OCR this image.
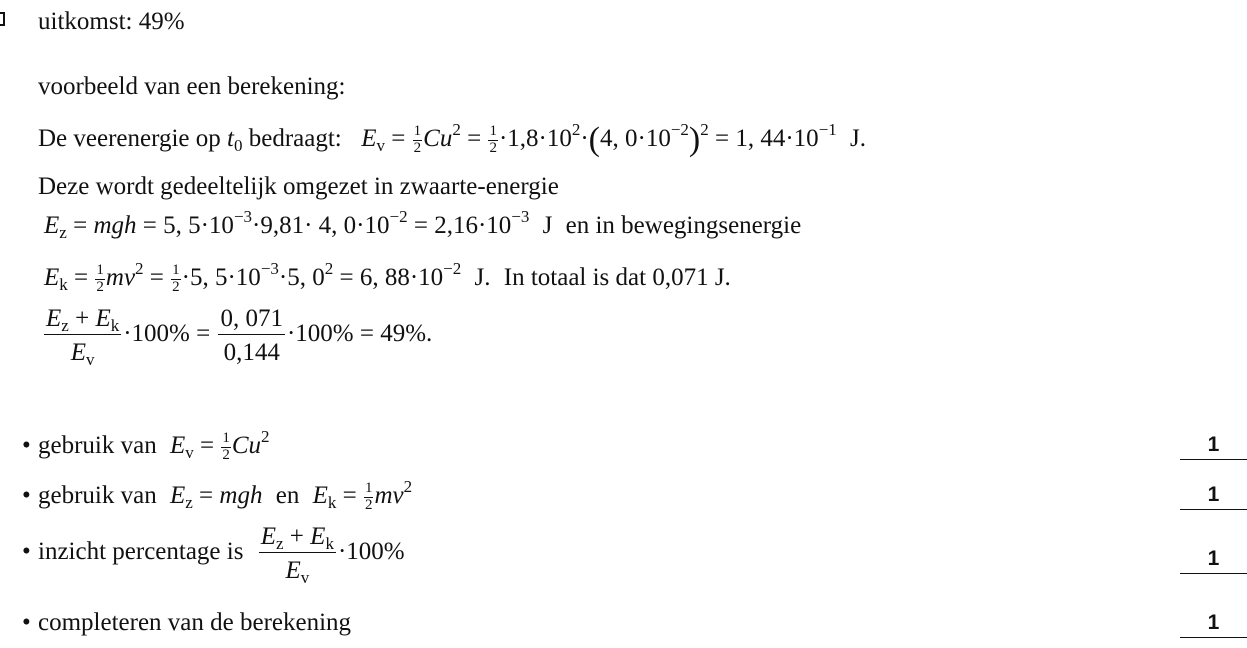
uitkomst: 49%
voorbeeld van een berekening:
De veerenergie op $t_0$ bedraagt: $E_v = \frac{1}{2} Cu^2 = \frac{1}{2} \cdot 1,8\cdot 10^2\cdot(4$, $0\cdot 10^{-2})^2 = 1$, $44\cdot 10^{-1}$ J.
Deze wordt gedeeltelijk omgezet in zwaarte-energie
$E_z$ = mgh = 5, $5\cdot 10^{-3}\cdot 9,81\cdot 4$, $0\cdot 10^{-2} = 2,16\cdot 10^{-3}$ J en in bewegingsenergie
$E_k = \frac{1}{2} mv^2 = \frac{1}{2} \cdot 5$, $5\cdot 10^{-3}\cdot 5$, $0^2 = 6$, $88\cdot 10^{-2}$ J. In totaal is dat 0,071 J.
$\frac{E_z + E_k}{E_v} \cdot 100\% = \frac{0, 071}{0,144} \cdot 100\% = 49\%$.
• gebruik van $E_v = \frac{1}{2} Cu^2$	1
• gebruik van $E_z$ = mgh en $E_k = \frac{1}{2} mv^2$	1
• inzicht percentage is $\frac{E_z + E_k}{E_v} \cdot 100\%$	1
• completeren van de berekening	1
